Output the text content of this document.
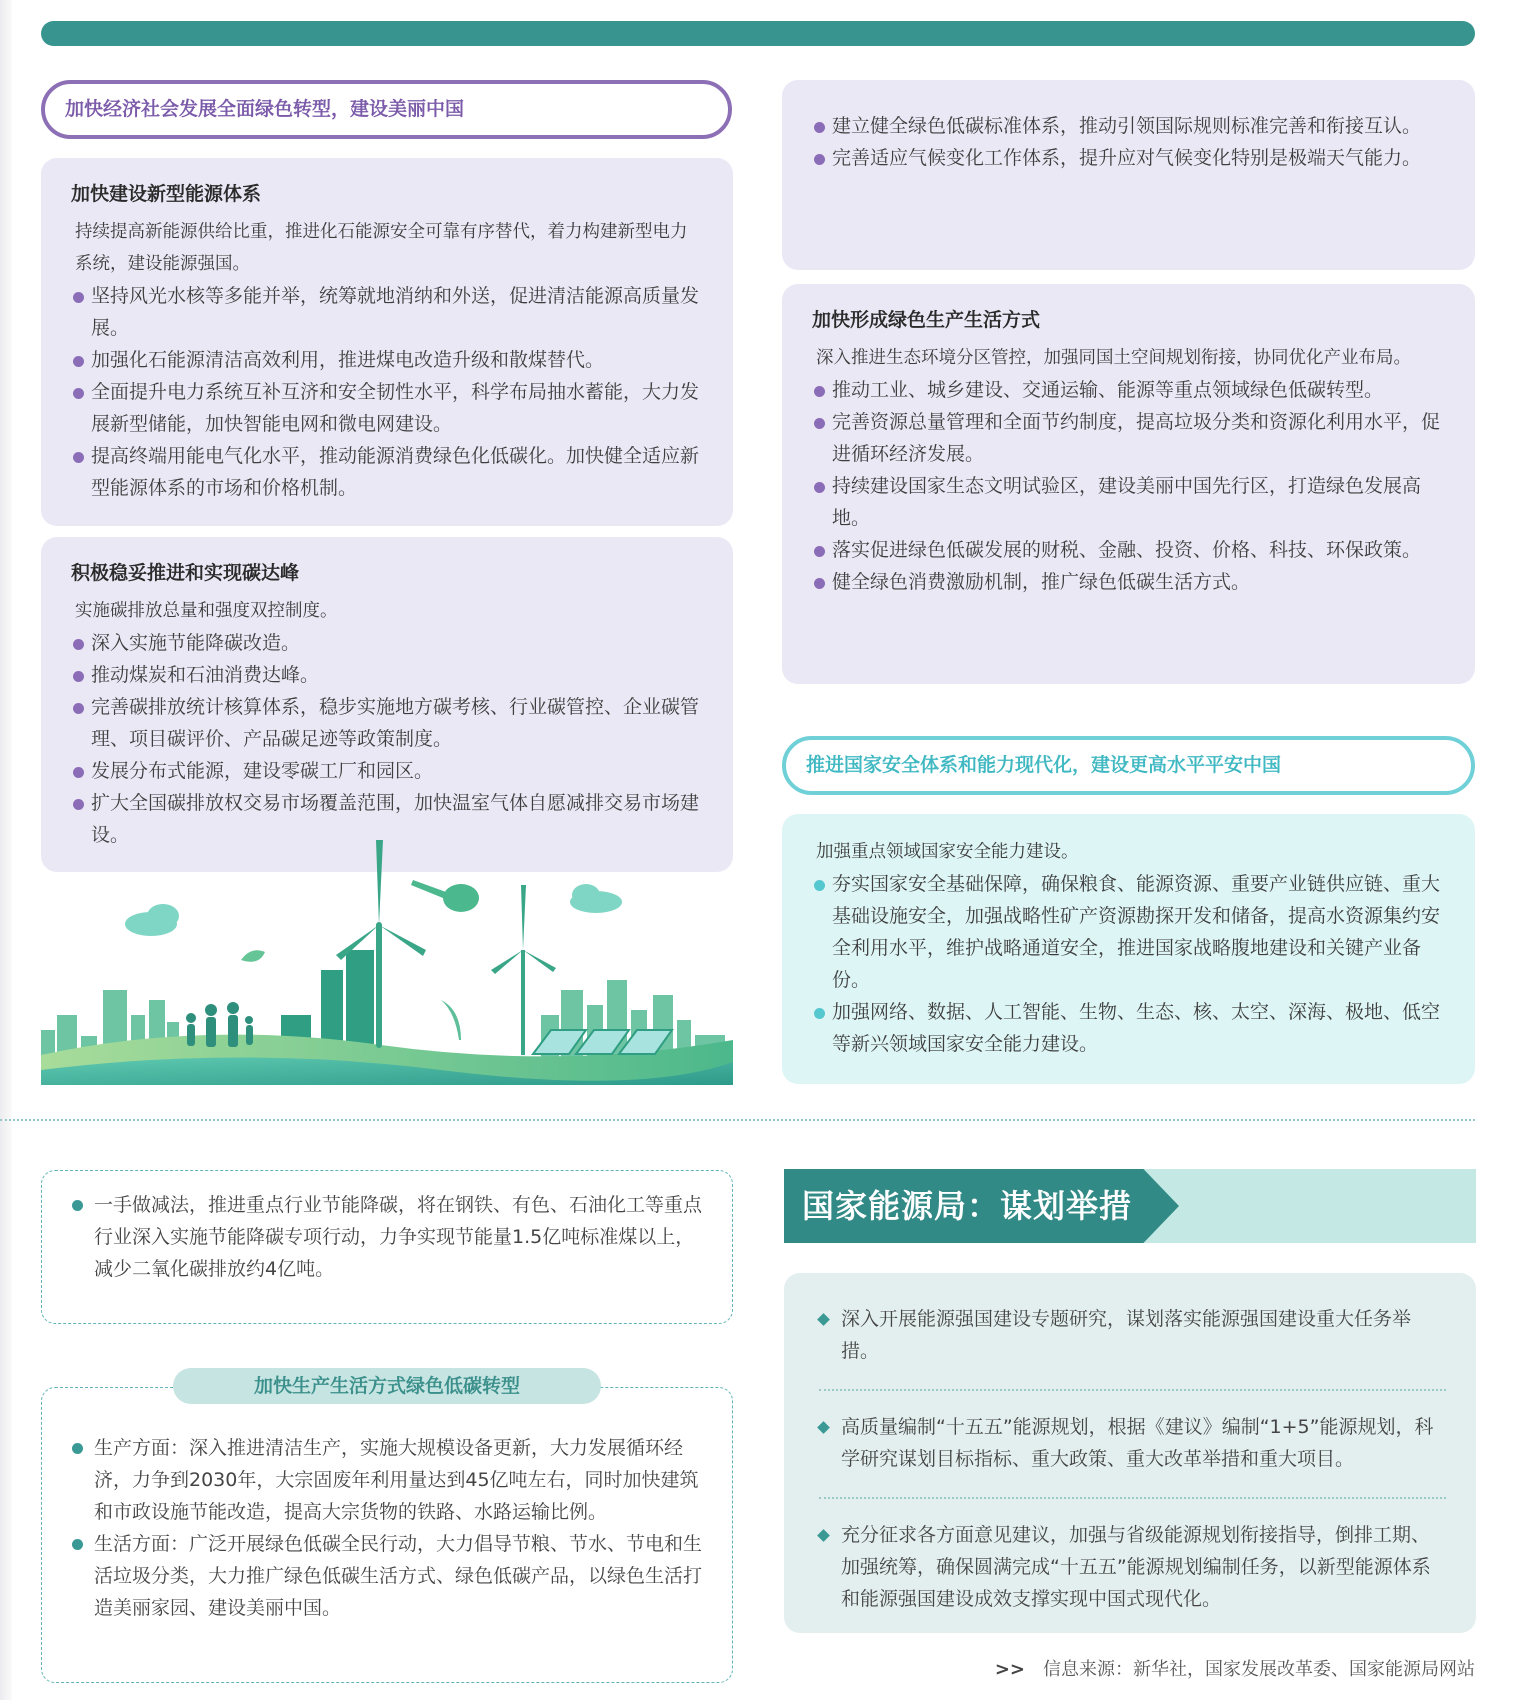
加快经济社会发展全面绿色转型，建设美丽中国
加快建设新型能源体系

持续提高新能源供给比重，推进化石能源安全可靠有序替代，着力构建新型电力系统，建设能源强国。

坚持风光水核等多能并举，统筹就地消纳和外送，促进清洁能源高质量发展。
加强化石能源清洁高效利用，推进煤电改造升级和散煤替代。
全面提升电力系统互补互济和安全韧性水平，科学布局抽水蓄能，大力发展新型储能，加快智能电网和微电网建设。
提高终端用能电气化水平，推动能源消费绿色化低碳化。加快健全适应新型能源体系的市场和价格机制。
积极稳妥推进和实现碳达峰

实施碳排放总量和强度双控制度。

深入实施节能降碳改造。
推动煤炭和石油消费达峰。
完善碳排放统计核算体系，稳步实施地方碳考核、行业碳管控、企业碳管理、项目碳评价、产品碳足迹等政策制度。
发展分布式能源，建设零碳工厂和园区。
扩大全国碳排放权交易市场覆盖范围，加快温室气体自愿减排交易市场建设。
建立健全绿色低碳标准体系，推动引领国际规则标准完善和衔接互认。
完善适应气候变化工作体系，提升应对气候变化特别是极端天气能力。
加快形成绿色生产生活方式

深入推进生态环境分区管控，加强同国土空间规划衔接，协同优化产业布局。

推动工业、城乡建设、交通运输、能源等重点领域绿色低碳转型。
完善资源总量管理和全面节约制度，提高垃圾分类和资源化利用水平，促进循环经济发展。
持续建设国家生态文明试验区，建设美丽中国先行区，打造绿色发展高地。
落实促进绿色低碳发展的财税、金融、投资、价格、科技、环保政策。
健全绿色消费激励机制，推广绿色低碳生活方式。
推进国家安全体系和能力现代化，建设更高水平平安中国

加强重点领域国家安全能力建设。

夯实国家安全基础保障，确保粮食、能源资源、重要产业链供应链、重大基础设施安全，加强战略性矿产资源勘探开发和储备，提高水资源集约安全利用水平，维护战略通道安全，推进国家战略腹地建设和关键产业备份。
加强网络、数据、人工智能、生物、生态、核、太空、深海、极地、低空等新兴领域国家安全能力建设。
一手做减法，推进重点行业节能降碳，将在钢铁、有色、石油化工等重点行业深入实施节能降碳专项行动，力争实现节能量1.5亿吨标准煤以上，减少二氧化碳排放约4亿吨。
生产方面：深入推进清洁生产，实施大规模设备更新，大力发展循环经济，力争到2030年，大宗固废年利用量达到45亿吨左右，同时加快建筑和市政设施节能改造，提高大宗货物的铁路、水路运输比例。
生活方面：广泛开展绿色低碳全民行动，大力倡导节粮、节水、节电和生活垃圾分类，大力推广绿色低碳生活方式、绿色低碳产品，以绿色生活打造美丽家园、建设美丽中国。
加快生产生活方式绿色低碳转型
国家能源局：谋划举措
深入开展能源强国建设专题研究，谋划落实能源强国建设重大任务举措。
高质量编制“十五五”能源规划，根据《建议》编制“1+5”能源规划，科学研究谋划目标指标、重大政策、重大改革举措和重大项目。
充分征求各方面意见建议，加强与省级能源规划衔接指导，倒排工期、加强统筹，确保圆满完成“十五五”能源规划编制任务，以新型能源体系和能源强国建设成效支撑实现中国式现代化。
>> 信息来源：新华社，国家发展改革委、国家能源局网站
